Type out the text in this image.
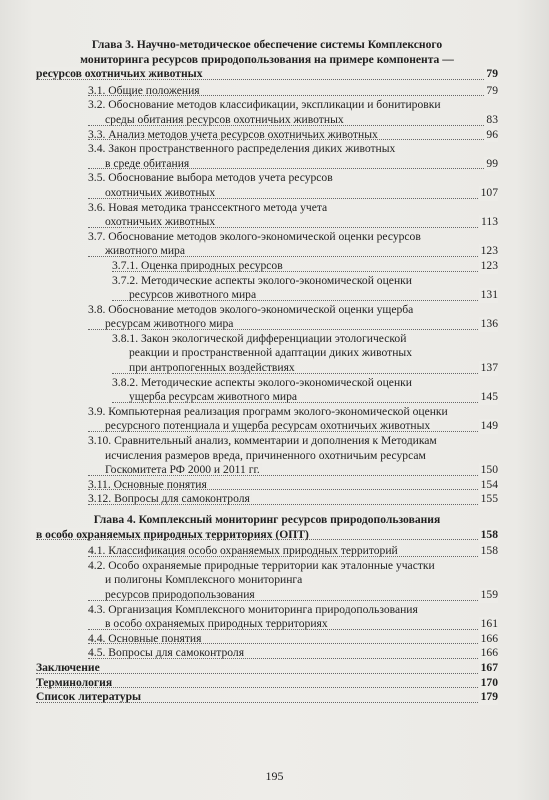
Глава 3. Научно-методическое обеспечение системы Комплексного
мониторинга ресурсов природопользования на примере компонента —
ресурсов охотничьих животных	79
3.1. Общие положения	79
3.2. Обоснование методов классификации, экспликации и бонитировки
среды обитания ресурсов охотничьих животных	83
3.3. Анализ методов учета ресурсов охотничьих животных	96
3.4. Закон пространственного распределения диких животных
в среде обитания	99
3.5. Обоснование выбора методов учета ресурсов
охотничьих животных	107
3.6. Новая методика транссектного метода учета
охотничьих животных	113
3.7. Обоснование методов эколого-экономической оценки ресурсов
животного мира	123
3.7.1. Оценка природных ресурсов	123
3.7.2. Методические аспекты эколого-экономической оценки
ресурсов животного мира	131
3.8. Обоснование методов эколого-экономической оценки ущерба
ресурсам животного мира	136
3.8.1. Закон экологической дифференциации этологической
реакции и пространственной адаптации диких животных
при антропогенных воздействиях	137
3.8.2. Методические аспекты эколого-экономической оценки
ущерба ресурсам животного мира	145
3.9. Компьютерная реализация программ эколого-экономической оценки
ресурсного потенциала и ущерба ресурсам охотничьих животных	149
3.10. Сравнительный анализ, комментарии и дополнения к Методикам
исчисления размеров вреда, причиненного охотничьим ресурсам
Госкомитета РФ 2000 и 2011 гг.	150
3.11. Основные понятия	154
3.12. Вопросы для самоконтроля	155
Глава 4. Комплексный мониторинг ресурсов природопользования
в особо охраняемых природных территориях (ОПТ)	158
4.1. Классификация особо охраняемых природных территорий	158
4.2. Особо охраняемые природные территории как эталонные участки
и полигоны Комплексного мониторинга
ресурсов природопользования	159
4.3. Организация Комплексного мониторинга природопользования
в особо охраняемых природных территориях	161
4.4. Основные понятия	166
4.5. Вопросы для самоконтроля	166
Заключение	167
Терминология	170
Список литературы	179
195
